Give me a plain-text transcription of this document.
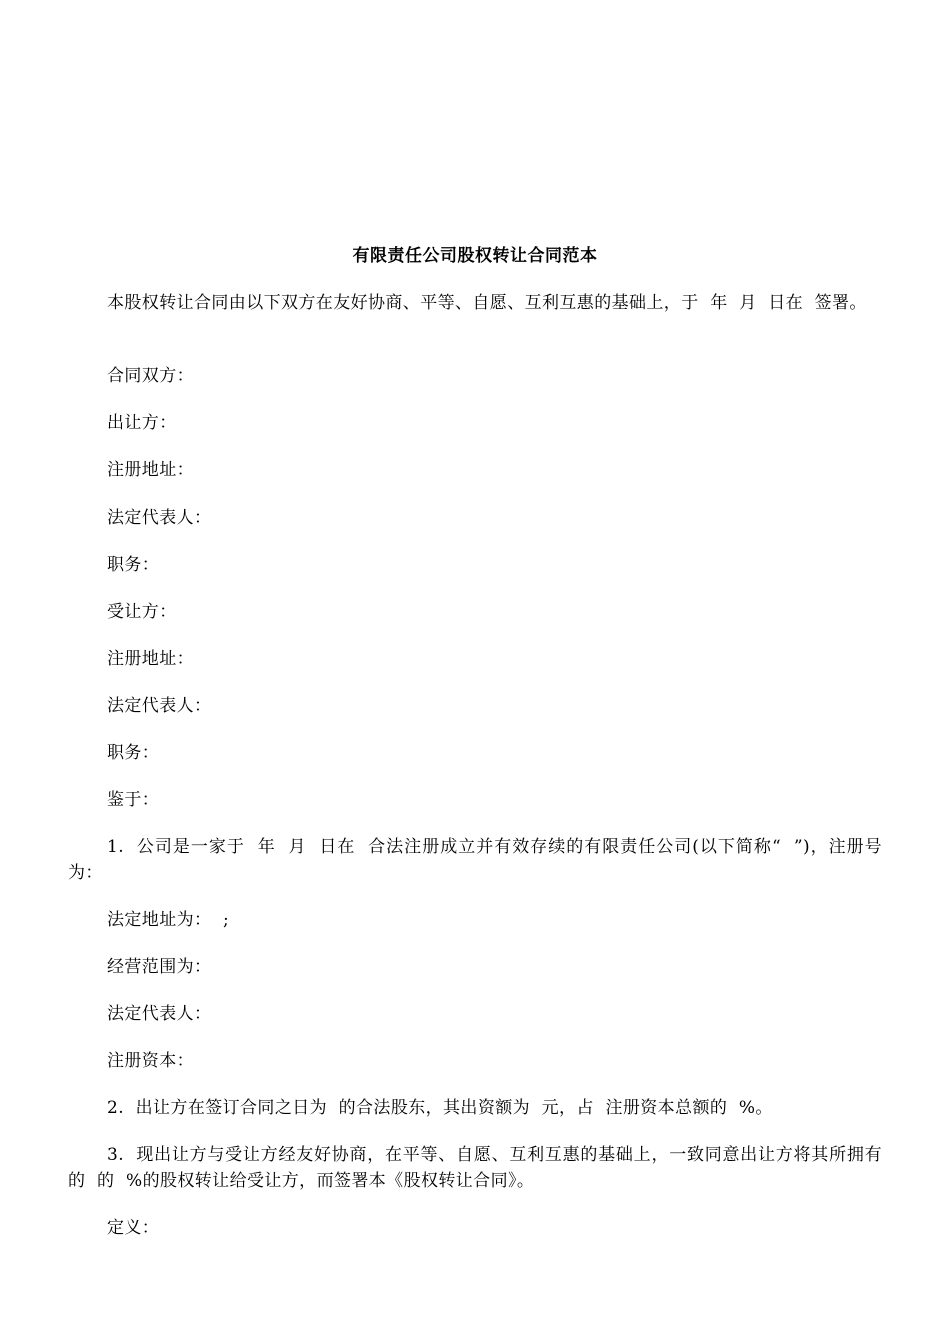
有限责任公司股权转让合同范本
本股权转让合同由以下双方在友好协商、平等、自愿、互利互惠的基础上，于  年  月  日在  签署。
合同双方：
出让方：
注册地址：
法定代表人：
职务：
受让方：
注册地址：
法定代表人：
职务：
鉴于：
1.  公司是一家于  年  月  日在  合法注册成立并有效存续的有限责任公司(以下简称“  ”)，注册号为：
法定地址为：  ;
经营范围为：
法定代表人：
注册资本：
2.  出让方在签订合同之日为  的合法股东，其出资额为  元，占  注册资本总额的  %。
3.  现出让方与受让方经友好协商，在平等、自愿、互利互惠的基础上，一致同意出让方将其所拥有的  的  %的股权转让给受让方，而签署本《股权转让合同》。
定义：
